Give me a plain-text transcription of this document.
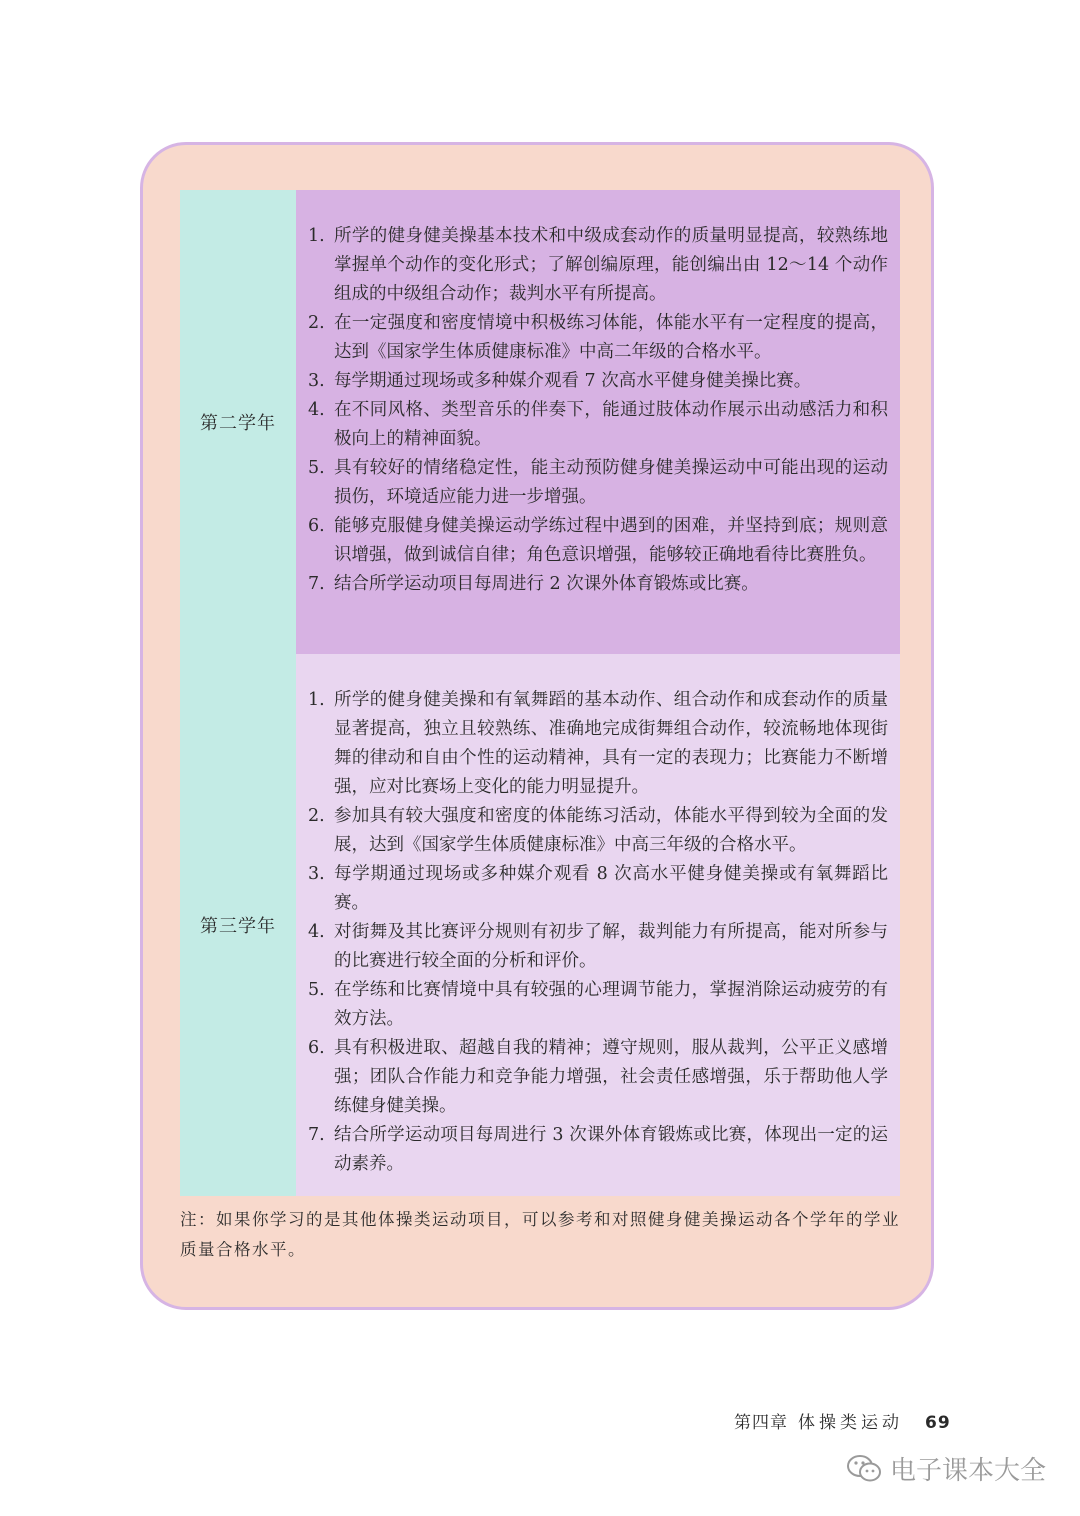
第二学年
1. 所学的健身健美操基本技术和中级成套动作的质量明显提高，较熟练地掌握单个动作的变化形式；了解创编原理，能创编出由 12～14 个动作组成的中级组合动作；裁判水平有所提高。
2. 在一定强度和密度情境中积极练习体能，体能水平有一定程度的提高，达到《国家学生体质健康标准》中高二年级的合格水平。
3. 每学期通过现场或多种媒介观看 7 次高水平健身健美操比赛。
4. 在不同风格、类型音乐的伴奏下，能通过肢体动作展示出动感活力和积极向上的精神面貌。
5. 具有较好的情绪稳定性，能主动预防健身健美操运动中可能出现的运动损伤，环境适应能力进一步增强。
6. 能够克服健身健美操运动学练过程中遇到的困难，并坚持到底；规则意识增强，做到诚信自律；角色意识增强，能够较正确地看待比赛胜负。
7. 结合所学运动项目每周进行 2 次课外体育锻炼或比赛。
第三学年
1. 所学的健身健美操和有氧舞蹈的基本动作、组合动作和成套动作的质量显著提高，独立且较熟练、准确地完成街舞组合动作，较流畅地体现街舞的律动和自由个性的运动精神，具有一定的表现力；比赛能力不断增强，应对比赛场上变化的能力明显提升。
2. 参加具有较大强度和密度的体能练习活动，体能水平得到较为全面的发展，达到《国家学生体质健康标准》中高三年级的合格水平。
3. 每学期通过现场或多种媒介观看 8 次高水平健身健美操或有氧舞蹈比赛。
4. 对街舞及其比赛评分规则有初步了解，裁判能力有所提高，能对所参与的比赛进行较全面的分析和评价。
5. 在学练和比赛情境中具有较强的心理调节能力，掌握消除运动疲劳的有效方法。
6. 具有积极进取、超越自我的精神；遵守规则，服从裁判，公平正义感增强；团队合作能力和竞争能力增强，社会责任感增强，乐于帮助他人学练健身健美操。
7. 结合所学运动项目每周进行 3 次课外体育锻炼或比赛，体现出一定的运动素养。
注：如果你学习的是其他体操类运动项目，可以参考和对照健身健美操运动各个学年的学业质量合格水平。
第四章 体操类运动 69
电子课本大全
